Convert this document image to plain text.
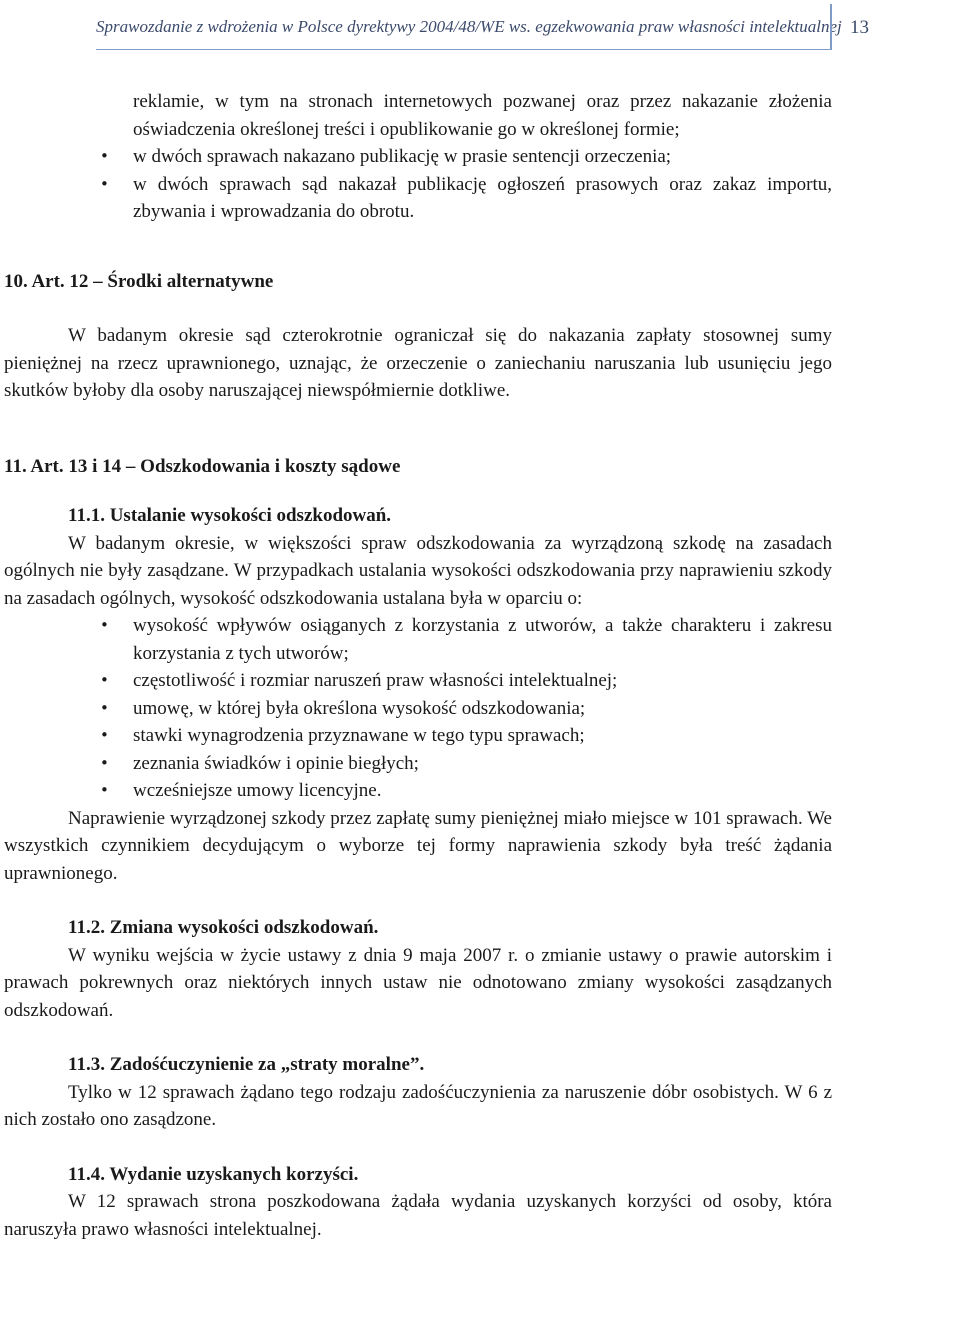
Sprawozdanie z wdrożenia w Polsce dyrektywy 2004/48/WE ws. egzekwowania praw własności intelektualnej 13

reklamie, w tym na stronach internetowych pozwanej oraz przez nakazanie złożenia oświadczenia określonej treści i opublikowanie go w określonej formie;

• w dwóch sprawach nakazano publikację w prasie sentencji orzeczenia;
• w dwóch sprawach sąd nakazał publikację ogłoszeń prasowych oraz zakaz importu, zbywania i wprowadzania do obrotu.

10. Art. 12 – Środki alternatywne

W badanym okresie sąd czterokrotnie ograniczał się do nakazania zapłaty stosownej sumy pieniężnej na rzecz uprawnionego, uznając, że orzeczenie o zaniechaniu naruszania lub usunięciu jego skutków byłoby dla osoby naruszającej niewspółmiernie dotkliwe.

11. Art. 13 i 14 – Odszkodowania i koszty sądowe

11.1. Ustalanie wysokości odszkodowań.

W badanym okresie, w większości spraw odszkodowania za wyrządzoną szkodę na zasadach ogólnych nie były zasądzane. W przypadkach ustalania wysokości odszkodowania przy naprawieniu szkody na zasadach ogólnych, wysokość odszkodowania ustalana była w oparciu o:

• wysokość wpływów osiąganych z korzystania z utworów, a także charakteru i zakresu korzystania z tych utworów;
• częstotliwość i rozmiar naruszeń praw własności intelektualnej;
• umowę, w której była określona wysokość odszkodowania;
• stawki wynagrodzenia przyznawane w tego typu sprawach;
• zeznania świadków i opinie biegłych;
• wcześniejsze umowy licencyjne.

Naprawienie wyrządzonej szkody przez zapłatę sumy pieniężnej miało miejsce w 101 sprawach. We wszystkich czynnikiem decydującym o wyborze tej formy naprawienia szkody była treść żądania uprawnionego.

11.2. Zmiana wysokości odszkodowań.

W wyniku wejścia w życie ustawy z dnia 9 maja 2007 r. o zmianie ustawy o prawie autorskim i prawach pokrewnych oraz niektórych innych ustaw nie odnotowano zmiany wysokości zasądzanych odszkodowań.

11.3. Zadośćuczynienie za „straty moralne”.

Tylko w 12 sprawach żądano tego rodzaju zadośćuczynienia za naruszenie dóbr osobistych. W 6 z nich zostało ono zasądzone.

11.4. Wydanie uzyskanych korzyści.

W 12 sprawach strona poszkodowana żądała wydania uzyskanych korzyści od osoby, która naruszyła prawo własności intelektualnej.
